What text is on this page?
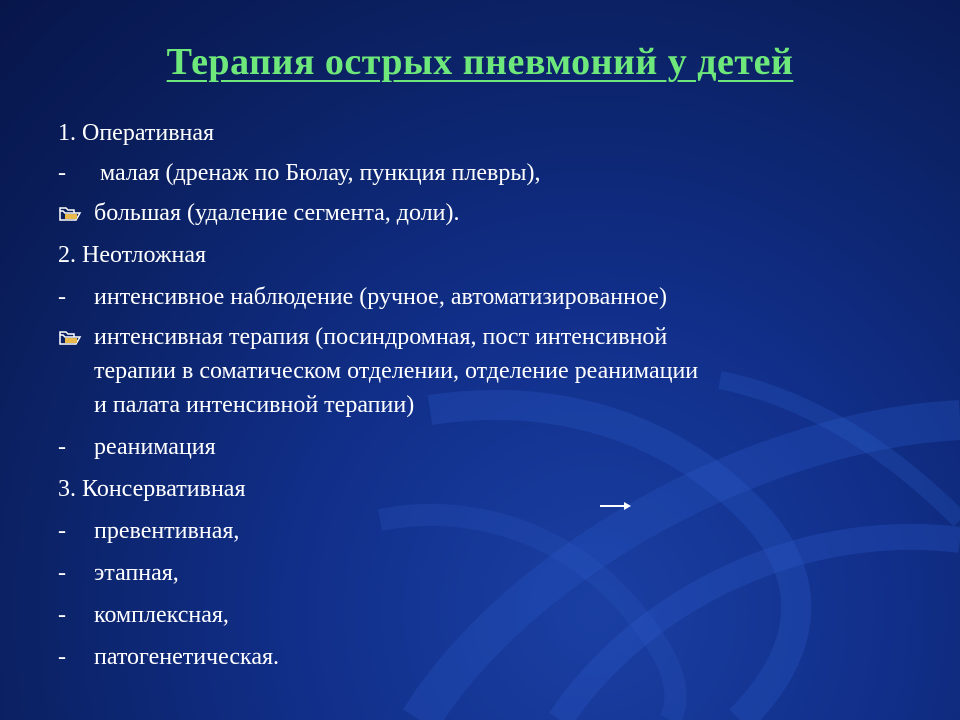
Терапия острых пневмоний у детей
1. Оперативная
-	малая (дренаж по Бюлау, пункция плевры),
большая (удаление сегмента, доли).
2. Неотложная
-	интенсивное наблюдение (ручное, автоматизированное)
интенсивная терапия (посиндромная, пост интенсивной
терапии в соматическом отделении, отделение реанимации
и палата интенсивной терапии)
-	реанимация
3. Консервативная
-	превентивная,
-	этапная,
-	комплексная,
-	патогенетическая.
